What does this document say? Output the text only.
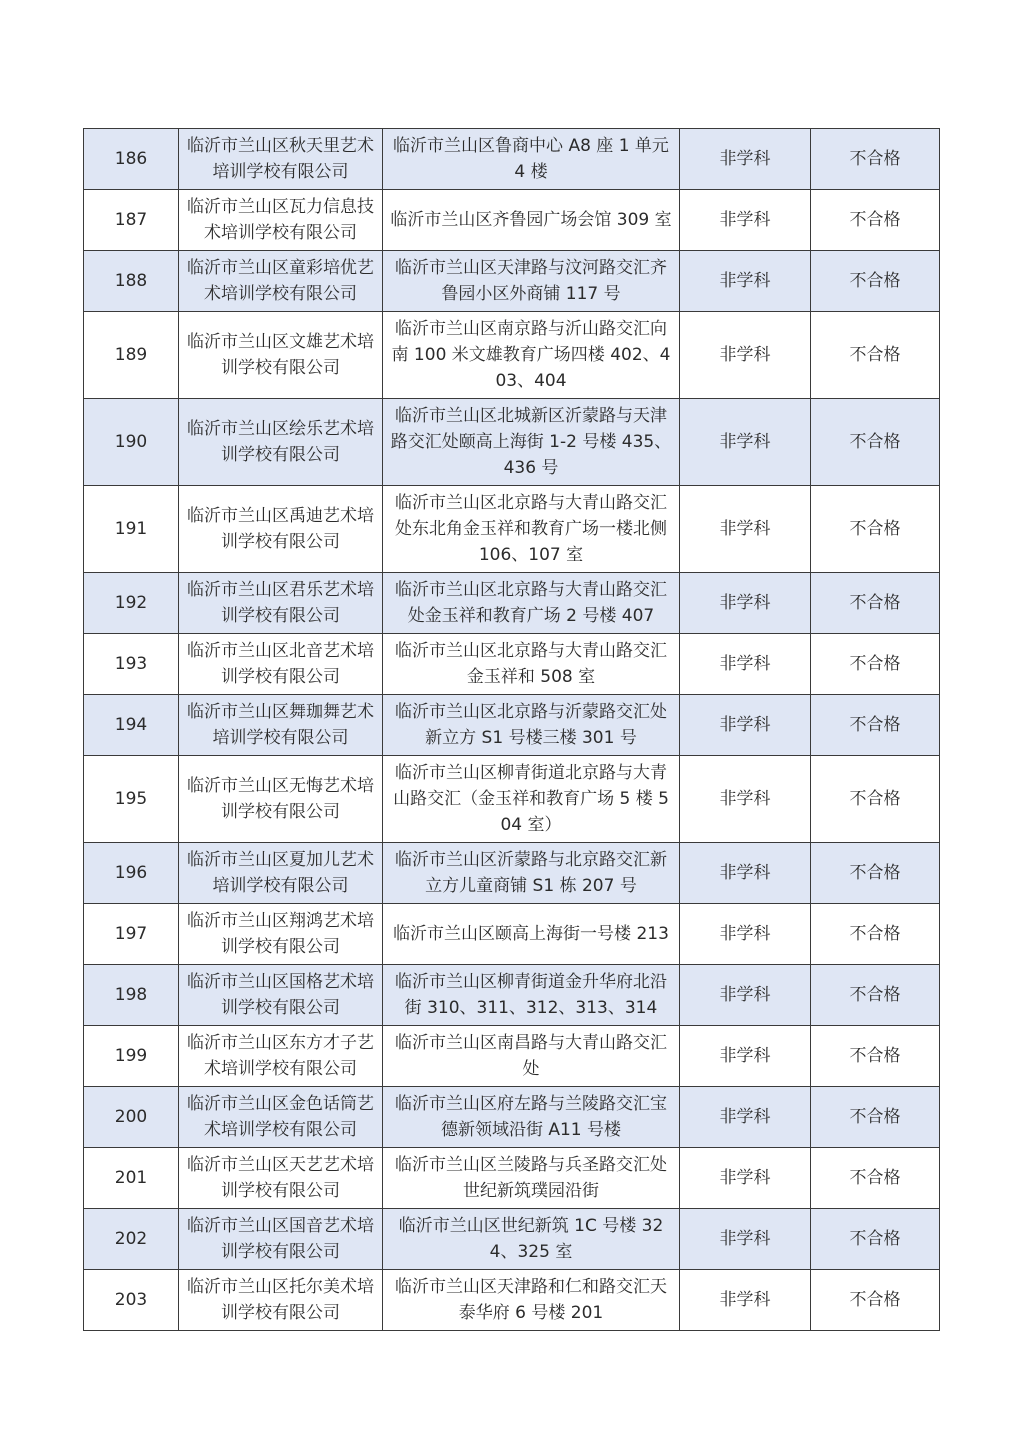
186	临沂市兰山区秋天里艺术培训学校有限公司	临沂市兰山区鲁商中心 A8 座 1 单元 4 楼	非学科	不合格
187	临沂市兰山区瓦力信息技术培训学校有限公司	临沂市兰山区齐鲁园广场会馆 309 室	非学科	不合格
188	临沂市兰山区童彩培优艺术培训学校有限公司	临沂市兰山区天津路与汶河路交汇齐鲁园小区外商铺 117 号	非学科	不合格
189	临沂市兰山区文雄艺术培训学校有限公司	临沂市兰山区南京路与沂山路交汇向南 100 米文雄教育广场四楼 402、403、404	非学科	不合格
190	临沂市兰山区绘乐艺术培训学校有限公司	临沂市兰山区北城新区沂蒙路与天津路交汇处颐高上海街 1-2 号楼 435、436 号	非学科	不合格
191	临沂市兰山区禹迪艺术培训学校有限公司	临沂市兰山区北京路与大青山路交汇处东北角金玉祥和教育广场一楼北侧 106、107 室	非学科	不合格
192	临沂市兰山区君乐艺术培训学校有限公司	临沂市兰山区北京路与大青山路交汇处金玉祥和教育广场 2 号楼 407	非学科	不合格
193	临沂市兰山区北音艺术培训学校有限公司	临沂市兰山区北京路与大青山路交汇金玉祥和 508 室	非学科	不合格
194	临沂市兰山区舞珈舞艺术培训学校有限公司	临沂市兰山区北京路与沂蒙路交汇处新立方 S1 号楼三楼 301 号	非学科	不合格
195	临沂市兰山区无悔艺术培训学校有限公司	临沂市兰山区柳青街道北京路与大青山路交汇（金玉祥和教育广场 5 楼 504 室）	非学科	不合格
196	临沂市兰山区夏加儿艺术培训学校有限公司	临沂市兰山区沂蒙路与北京路交汇新立方儿童商铺 S1 栋 207 号	非学科	不合格
197	临沂市兰山区翔鸿艺术培训学校有限公司	临沂市兰山区颐高上海街一号楼 213	非学科	不合格
198	临沂市兰山区国格艺术培训学校有限公司	临沂市兰山区柳青街道金升华府北沿街 310、311、312、313、314	非学科	不合格
199	临沂市兰山区东方才子艺术培训学校有限公司	临沂市兰山区南昌路与大青山路交汇处	非学科	不合格
200	临沂市兰山区金色话筒艺术培训学校有限公司	临沂市兰山区府左路与兰陵路交汇宝德新领域沿街 A11 号楼	非学科	不合格
201	临沂市兰山区天艺艺术培训学校有限公司	临沂市兰山区兰陵路与兵圣路交汇处世纪新筑璞园沿街	非学科	不合格
202	临沂市兰山区国音艺术培训学校有限公司	临沂市兰山区世纪新筑 1C 号楼 324、325 室	非学科	不合格
203	临沂市兰山区托尔美术培训学校有限公司	临沂市兰山区天津路和仁和路交汇天泰华府 6 号楼 201	非学科	不合格
